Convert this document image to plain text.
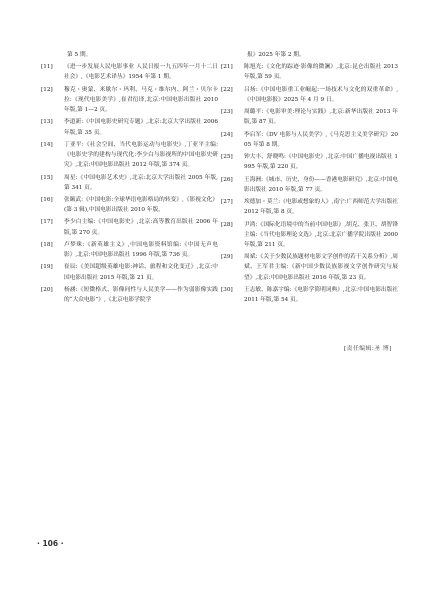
第 5 期。
[11]	《进一步发展人民电影事业 人民日报一九五四年一月十二日社会》,《电影艺术译丛》1954 年第 1 期。
[12]	穆克・奥蒙、米歇尔・玛利、马克・维尔内、阿兰・贝尔卡拉:《现代电影美学》,崔君衍译,北京:中国电影出版社 2010 年版,第 1—2 页。
[13]	李道新:《中国电影史研究专题》,北京:北京大学出版社 2006 年版,第 35 页。
[14]	丁亚平:《社会空间、当代电影运动与电影史》,丁亚平主编:《电影史学的建构与现代化:李少白与影视所的中国电影史研究》,北京:中国电影出版社 2012 年版,第 374 页。
[15]	周星:《中国电影艺术史》,北京:北京大学出版社 2005 年版,第 341 页。
[16]	张颐武:《中国电影:全球华语电影格局的转变》,《影视文化》(第 3 辑),中国电影出版社 2010 年版。
[17]	李少白主编:《中国电影史》,北京:高等教育出版社 2006 年版,第 270 页。
[18]	卢梦珠:《新英雄主义》,中国电影资料馆编:《中国无声电影》,北京:中国电影出版社 1996 年版,第 736 页。
[19]	崔辰:《美国超级英雄电影:神话、旅程和文化变迁》,北京:中国电影出版社 2015 年版,第 21 页。
[20]	杨涵:《短微格式、影像同性与人民美学——作为弱影像实践的“大众电影”》,《北京电影学院学
报》2025 年第 2 期。
[21]	陈旭光:《文化的踪迹·影像的微澜》,北京:昆仑出版社 2013 年版,第 59 页。
[22]	吕扬:《中国电影重工业崛起:一场技术与文化的双重革命》,《中国电影报》2025 年 4 月 9 日。
[23]	周璐平:《电影审美:理论与实践》,北京:新华出版社 2013 年版,第 87 页。
[24]	李启军:《DV 电影与人民美学》,《马克思主义美学研究》2005 年第 8 期。
[25]	钟大丰、舒晓鸣:《中国电影史》,北京:中国广播电视出版社 1995 年版,第 220 页。
[26]	王海洲:《城市、历史、身份——香港电影研究》,北京:中国电影出版社 2010 年版,第 77 页。
[27]	埃德加・莫兰:《电影或想象的人》,南宁:广西师范大学出版社 2012 年版,第 8 页。
[28]	尹鸿:《国际化语境中的当前中国电影》,胡克、张卫、胡智锋主编:《当代电影理论文选》,北京:北京广播学院出版社 2000 年版,第 211 页。
[29]	周斌:《关于少数民族题材电影文学创作的若干关系分析》,周斌、王军君主编:《新中国少数民族影视文学创作研究与展望》,北京:中国电影出版社 2016 年版,第 23 页。
[30]	王志敏、陈嘉宇编:《电影学简明词典》,北京:中国电影出版社 2011 年版,第 54 页。
[责任编辑:圣 博]
· 106 ·
